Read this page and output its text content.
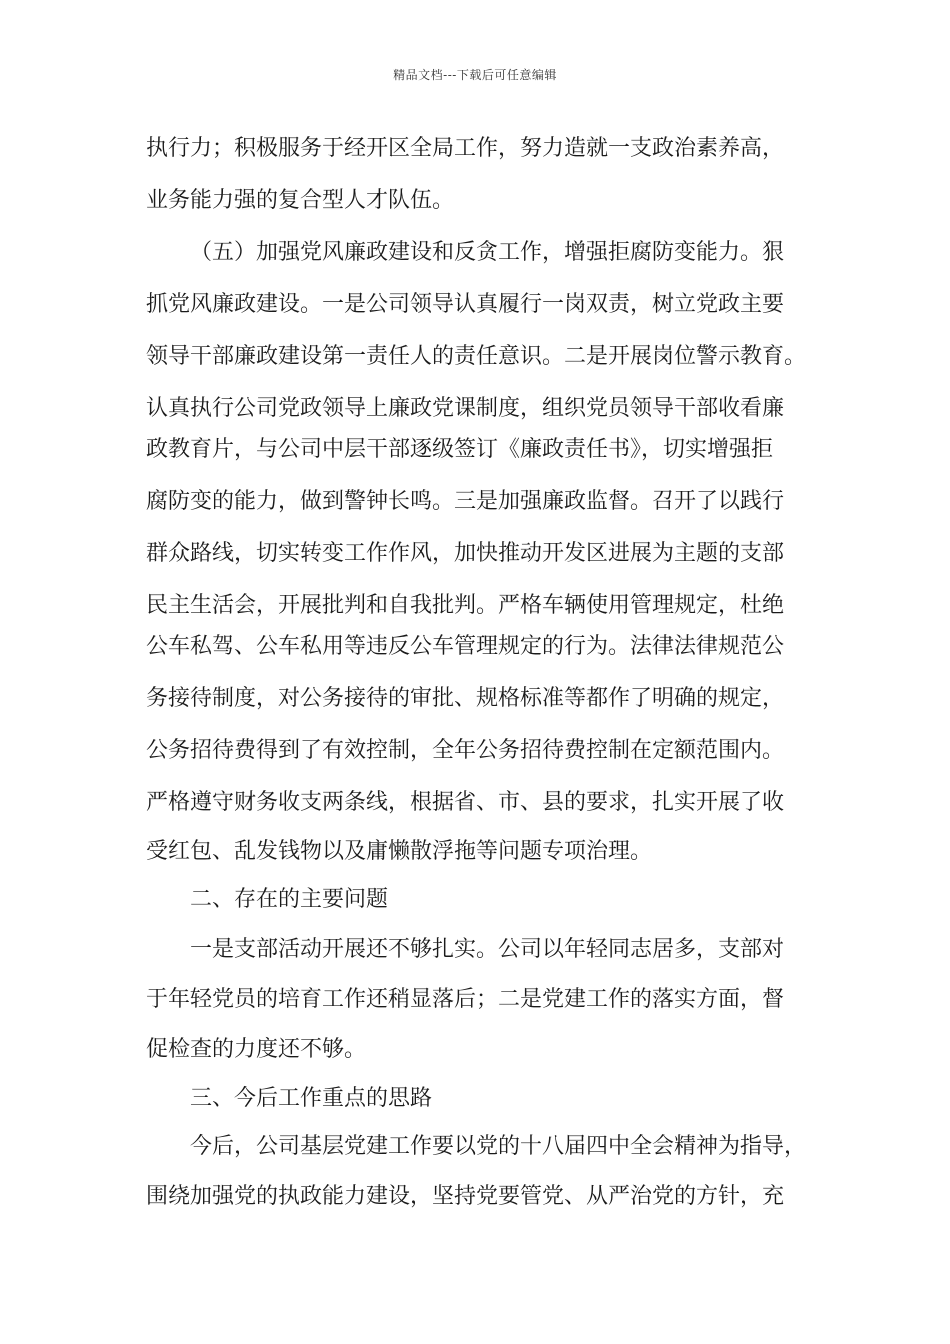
精品文档---下载后可任意编辑
执行力；积极服务于经开区全局工作，努力造就一支政治素养高，
业务能力强的复合型人才队伍。
（五）加强党风廉政建设和反贪工作，增强拒腐防变能力。狠
抓党风廉政建设。一是公司领导认真履行一岗双责，树立党政主要
领导干部廉政建设第一责任人的责任意识。二是开展岗位警示教育。
认真执行公司党政领导上廉政党课制度，组织党员领导干部收看廉
政教育片，与公司中层干部逐级签订《廉政责任书》，切实增强拒
腐防变的能力，做到警钟长鸣。三是加强廉政监督。召开了以践行
群众路线，切实转变工作作风，加快推动开发区进展为主题的支部
民主生活会，开展批判和自我批判。严格车辆使用管理规定，杜绝
公车私驾、公车私用等违反公车管理规定的行为。法律法律规范公
务接待制度，对公务接待的审批、规格标准等都作了明确的规定，
公务招待费得到了有效控制，全年公务招待费控制在定额范围内。
严格遵守财务收支两条线，根据省、市、县的要求，扎实开展了收
受红包、乱发钱物以及庸懒散浮拖等问题专项治理。
二、存在的主要问题
一是支部活动开展还不够扎实。公司以年轻同志居多，支部对
于年轻党员的培育工作还稍显落后；二是党建工作的落实方面，督
促检查的力度还不够。
三、今后工作重点的思路
今后，公司基层党建工作要以党的十八届四中全会精神为指导，
围绕加强党的执政能力建设，坚持党要管党、从严治党的方针，充
